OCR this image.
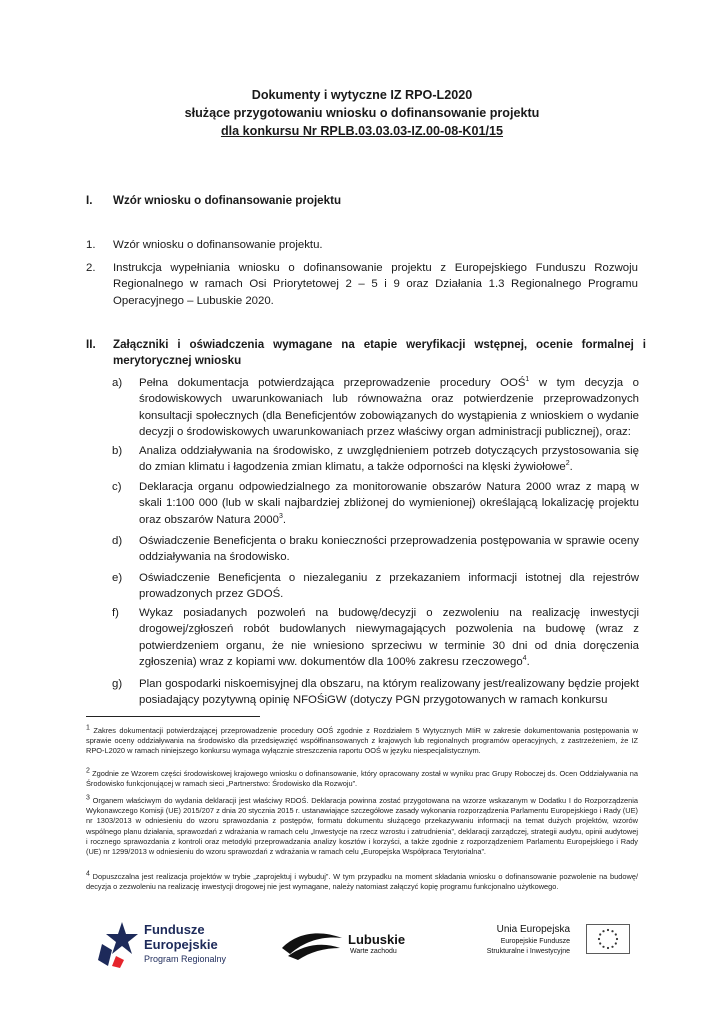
Dokumenty i wytyczne IZ RPO-L2020
służące przygotowaniu wniosku o dofinansowanie projektu
dla konkursu Nr RPLB.03.03.03-IZ.00-08-K01/15
I. Wzór wniosku o dofinansowanie projektu
1. Wzór wniosku o dofinansowanie projektu.
2. Instrukcja wypełniania wniosku o dofinansowanie projektu z Europejskiego Funduszu Rozwoju Regionalnego w ramach Osi Priorytetowej 2 – 5 i 9 oraz Działania 1.3 Regionalnego Programu Operacyjnego – Lubuskie 2020.
II. Załączniki i oświadczenia wymagane na etapie weryfikacji wstępnej, ocenie formalnej i merytorycznej wniosku
a) Pełna dokumentacja potwierdzająca przeprowadzenie procedury OOŚ$^1$ w tym decyzja o środowiskowych uwarunkowaniach lub równoważna oraz potwierdzenie przeprowadzonych konsultacji społecznych (dla Beneficjentów zobowiązanych do wystąpienia z wnioskiem o wydanie decyzji o środowiskowych uwarunkowaniach przez właściwy organ administracji publicznej), oraz:
b) Analiza oddziaływania na środowisko, z uwzględnieniem potrzeb dotyczących przystosowania się do zmian klimatu i łagodzenia zmian klimatu, a także odporności na klęski żywiołowe$^2$.
c) Deklaracja organu odpowiedzialnego za monitorowanie obszarów Natura 2000 wraz z mapą w skali 1:100 000 (lub w skali najbardziej zbliżonej do wymienionej) określającą lokalizację projektu oraz obszarów Natura 2000$^3$.
d) Oświadczenie Beneficjenta o braku konieczności przeprowadzenia postępowania w sprawie oceny oddziaływania na środowisko.
e) Oświadczenie Beneficjenta o niezaleganiu z przekazaniem informacji istotnej dla rejestrów prowadzonych przez GDOŚ.
f) Wykaz posiadanych pozwoleń na budowę/decyzji o zezwoleniu na realizację inwestycji drogowej/zgłoszeń robót budowlanych niewymagających pozwolenia na budowę (wraz z potwierdzeniem organu, że nie wniesiono sprzeciwu w terminie 30 dni od dnia doręczenia zgłoszenia) wraz z kopiami ww. dokumentów dla 100% zakresu rzeczowego$^4$.
g) Plan gospodarki niskoemisyjnej dla obszaru, na którym realizowany jest/realizowany będzie projekt posiadający pozytywną opinię NFOŚiGW (dotyczy PGN przygotowanych w ramach konkursu
$^1$ Zakres dokumentacji potwierdzającej przeprowadzenie procedury OOŚ zgodnie z Rozdziałem 5 Wytycznych MIiR w zakresie dokumentowania postępowania w sprawie oceny oddziaływania na środowisko dla przedsięwzięć współfinansowanych z krajowych lub regionalnych programów operacyjnych, z zastrzeżeniem, że IZ RPO-L2020 w ramach niniejszego konkursu wymaga wyłącznie streszczenia raportu OOŚ w języku niespecjalistycznym.
$^2$ Zgodnie ze Wzorem części środowiskowej krajowego wniosku o dofinansowanie, który opracowany został w wyniku prac Grupy Roboczej ds. Ocen Oddziaływania na Środowisko funkcjonującej w ramach sieci „Partnerstwo: Środowisko dla Rozwoju”.
$^3$ Organem właściwym do wydania deklaracji jest właściwy RDOŚ. Deklaracja powinna zostać przygotowana na wzorze wskazanym w Dodatku I do Rozporządzenia Wykonawczego Komisji (UE) 2015/207 z dnia 20 stycznia 2015 r. ustanawiające szczegółowe zasady wykonania rozporządzenia Parlamentu Europejskiego i Rady (UE) nr 1303/2013 w odniesieniu do wzoru sprawozdania z postępów, formatu dokumentu służącego przekazywaniu informacji na temat dużych projektów, wzorów wspólnego planu działania, sprawozdań z wdrażania w ramach celu „Inwestycje na rzecz wzrostu i zatrudnienia”, deklaracji zarządczej, strategii audytu, opinii audytowej i rocznego sprawozdania z kontroli oraz metodyki przeprowadzania analizy kosztów i korzyści, a także zgodnie z rozporządzeniem Parlamentu Europejskiego i Rady (UE) nr 1299/2013 w odniesieniu do wzoru sprawozdań z wdrażania w ramach celu „Europejska Współpraca Terytorialna”.
$^4$ Dopuszczalna jest realizacja projektów w trybie „zaprojektuj i wybuduj”. W tym przypadku na moment składania wniosku o dofinansowanie pozwolenie na budowę/ decyzja o zezwoleniu na realizację inwestycji drogowej nie jest wymagane, należy natomiast załączyć kopię programu funkcjonalno użytkowego.
Fundusze
Europejskie
Program Regionalny
Lubuskie
Warte zachodu
Unia Europejska
Europejskie Fundusze
Strukturalne i Inwestycyjne
